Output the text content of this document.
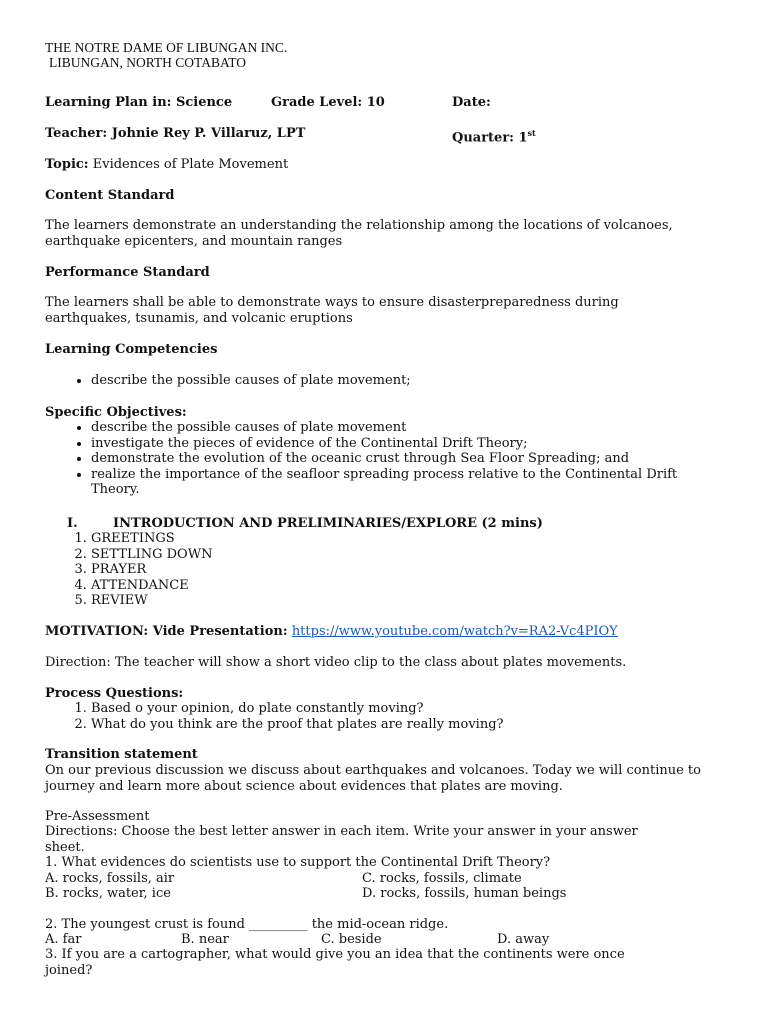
THE NOTRE DAME OF LIBUNGAN INC.
LIBUNGAN, NORTH COTABATO
Learning Plan in: Science	Grade Level: 10	Date:
Teacher: Johnie Rey P. Villaruz, LPT	Quarter: 1st
Topic: Evidences of Plate Movement
Content Standard
The learners demonstrate an understanding the relationship among the locations of volcanoes, earthquake epicenters, and mountain ranges
Performance Standard
The learners shall be able to demonstrate ways to ensure disasterpreparedness during earthquakes, tsunamis, and volcanic eruptions
Learning Competencies
• describe the possible causes of plate movement;
Specific Objectives:
• describe the possible causes of plate movement
• investigate the pieces of evidence of the Continental Drift Theory;
• demonstrate the evolution of the oceanic crust through Sea Floor Spreading; and
• realize the importance of the seafloor spreading process relative to the Continental Drift Theory.
I.	INTRODUCTION AND PRELIMINARIES/EXPLORE (2 mins)
1. GREETINGS
2. SETTLING DOWN
3. PRAYER
4. ATTENDANCE
5. REVIEW
MOTIVATION: Vide Presentation: https://www.youtube.com/watch?v=RA2-Vc4PIOY
Direction: The teacher will show a short video clip to the class about plates movements.
Process Questions:
1. Based o your opinion, do plate constantly moving?
2. What do you think are the proof that plates are really moving?
Transition statement
On our previous discussion we discuss about earthquakes and volcanoes. Today we will continue to journey and learn more about science about evidences that plates are moving.
Pre-Assessment
Directions: Choose the best letter answer in each item. Write your answer in your answer sheet.
1. What evidences do scientists use to support the Continental Drift Theory?
A. rocks, fossils, air	C. rocks, fossils, climate
B. rocks, water, ice	D. rocks, fossils, human beings
2. The youngest crust is found _________ the mid-ocean ridge.
A. far	B. near	C. beside	D. away
3. If you are a cartographer, what would give you an idea that the continents were once joined?
